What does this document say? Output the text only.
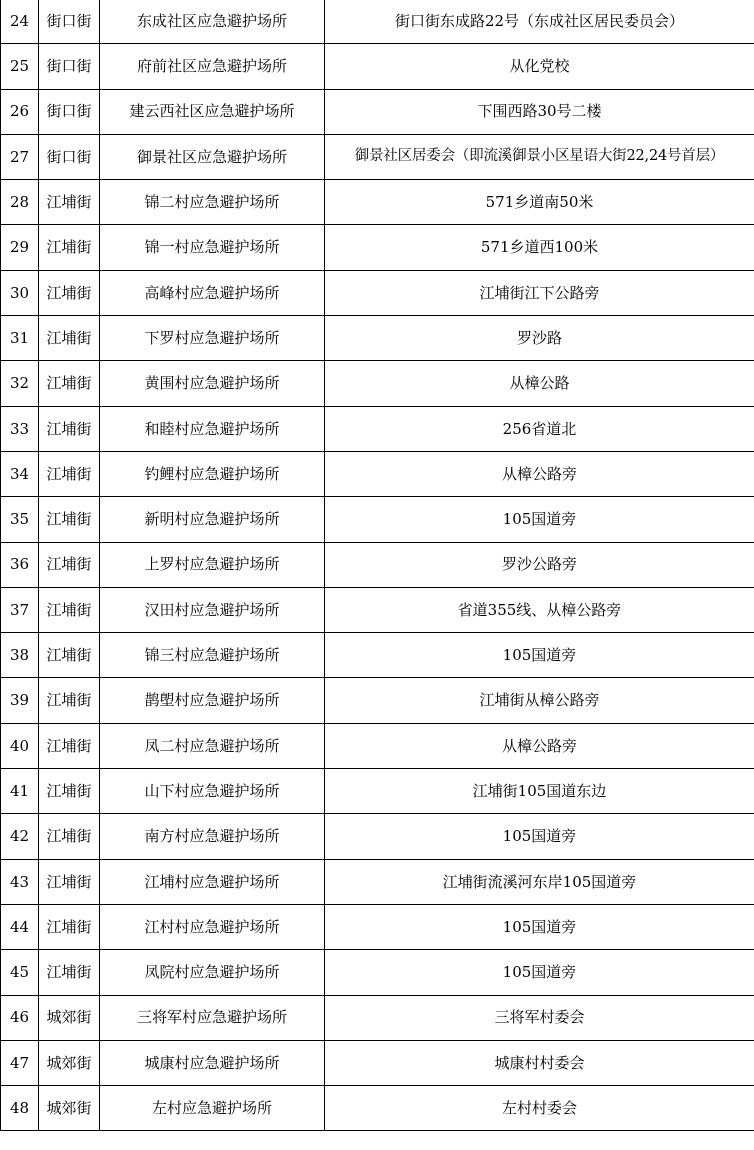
24	街口街	东成社区应急避护场所	街口街东成路22号（东成社区居民委员会）
25	街口街	府前社区应急避护场所	从化党校
26	街口街	建云西社区应急避护场所	下围西路30号二楼
27	街口街	御景社区应急避护场所	御景社区居委会（即流溪御景小区星语大街22,24号首层）
28	江埔街	锦二村应急避护场所	571乡道南50米
29	江埔街	锦一村应急避护场所	571乡道西100米
30	江埔街	高峰村应急避护场所	江埔街江下公路旁
31	江埔街	下罗村应急避护场所	罗沙路
32	江埔街	黄围村应急避护场所	从樟公路
33	江埔街	和睦村应急避护场所	256省道北
34	江埔街	钓鲤村应急避护场所	从樟公路旁
35	江埔街	新明村应急避护场所	105国道旁
36	江埔街	上罗村应急避护场所	罗沙公路旁
37	江埔街	汉田村应急避护场所	省道355线、从樟公路旁
38	江埔街	锦三村应急避护场所	105国道旁
39	江埔街	鹊塱村应急避护场所	江埔街从樟公路旁
40	江埔街	凤二村应急避护场所	从樟公路旁
41	江埔街	山下村应急避护场所	江埔街105国道东边
42	江埔街	南方村应急避护场所	105国道旁
43	江埔街	江埔村应急避护场所	江埔街流溪河东岸105国道旁
44	江埔街	江村村应急避护场所	105国道旁
45	江埔街	凤院村应急避护场所	105国道旁
46	城郊街	三将军村应急避护场所	三将军村委会
47	城郊街	城康村应急避护场所	城康村村委会
48	城郊街	左村应急避护场所	左村村委会
